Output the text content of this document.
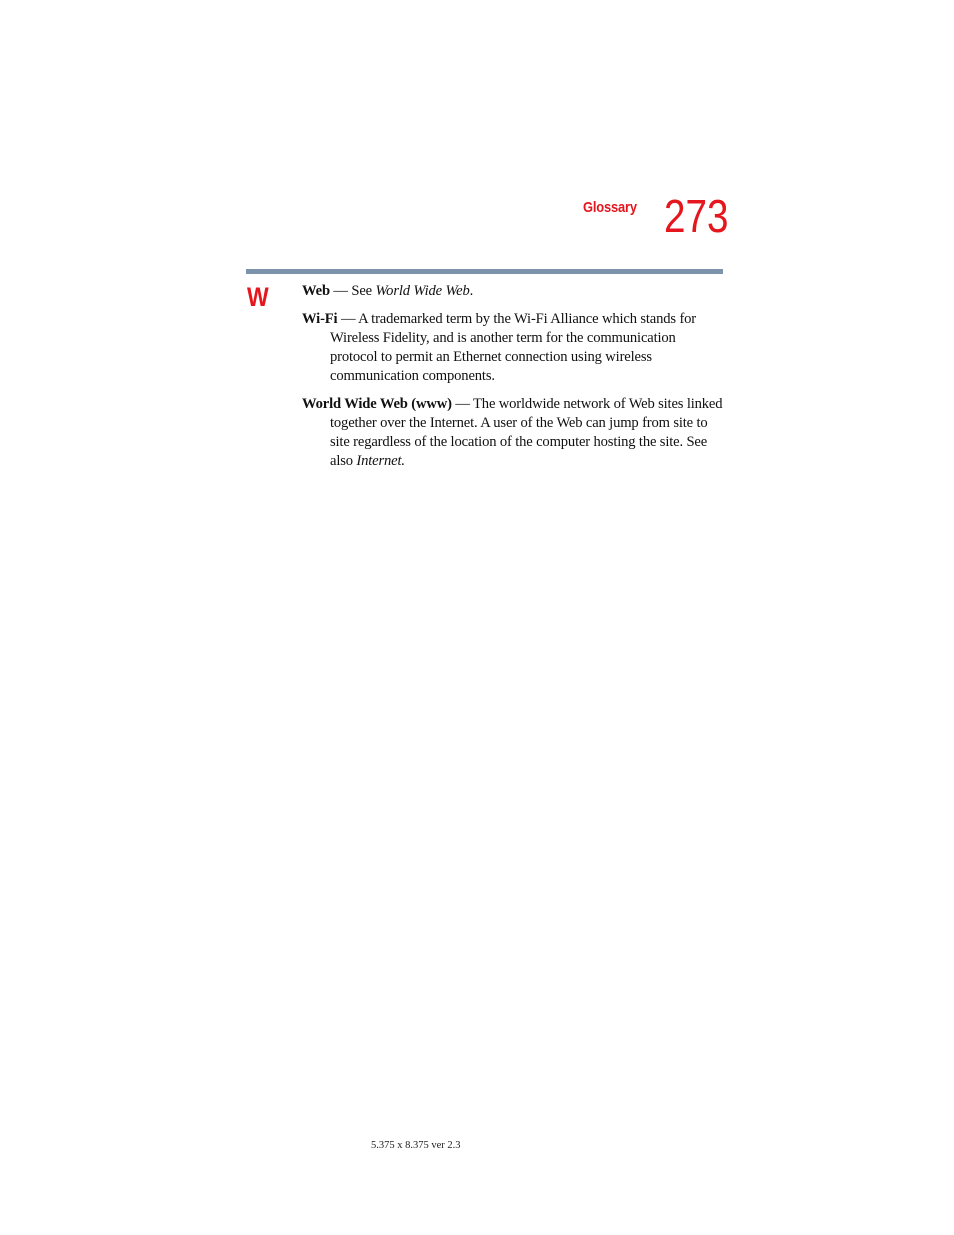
Glossary 273
W Web — See World Wide Web.

Wi-Fi — A trademarked term by the Wi-Fi Alliance which stands for Wireless Fidelity, and is another term for the communication protocol to permit an Ethernet connection using wireless communication components.

World Wide Web (www) — The worldwide network of Web sites linked together over the Internet. A user of the Web can jump from site to site regardless of the location of the computer hosting the site. See also Internet.

5.375 x 8.375 ver 2.3
